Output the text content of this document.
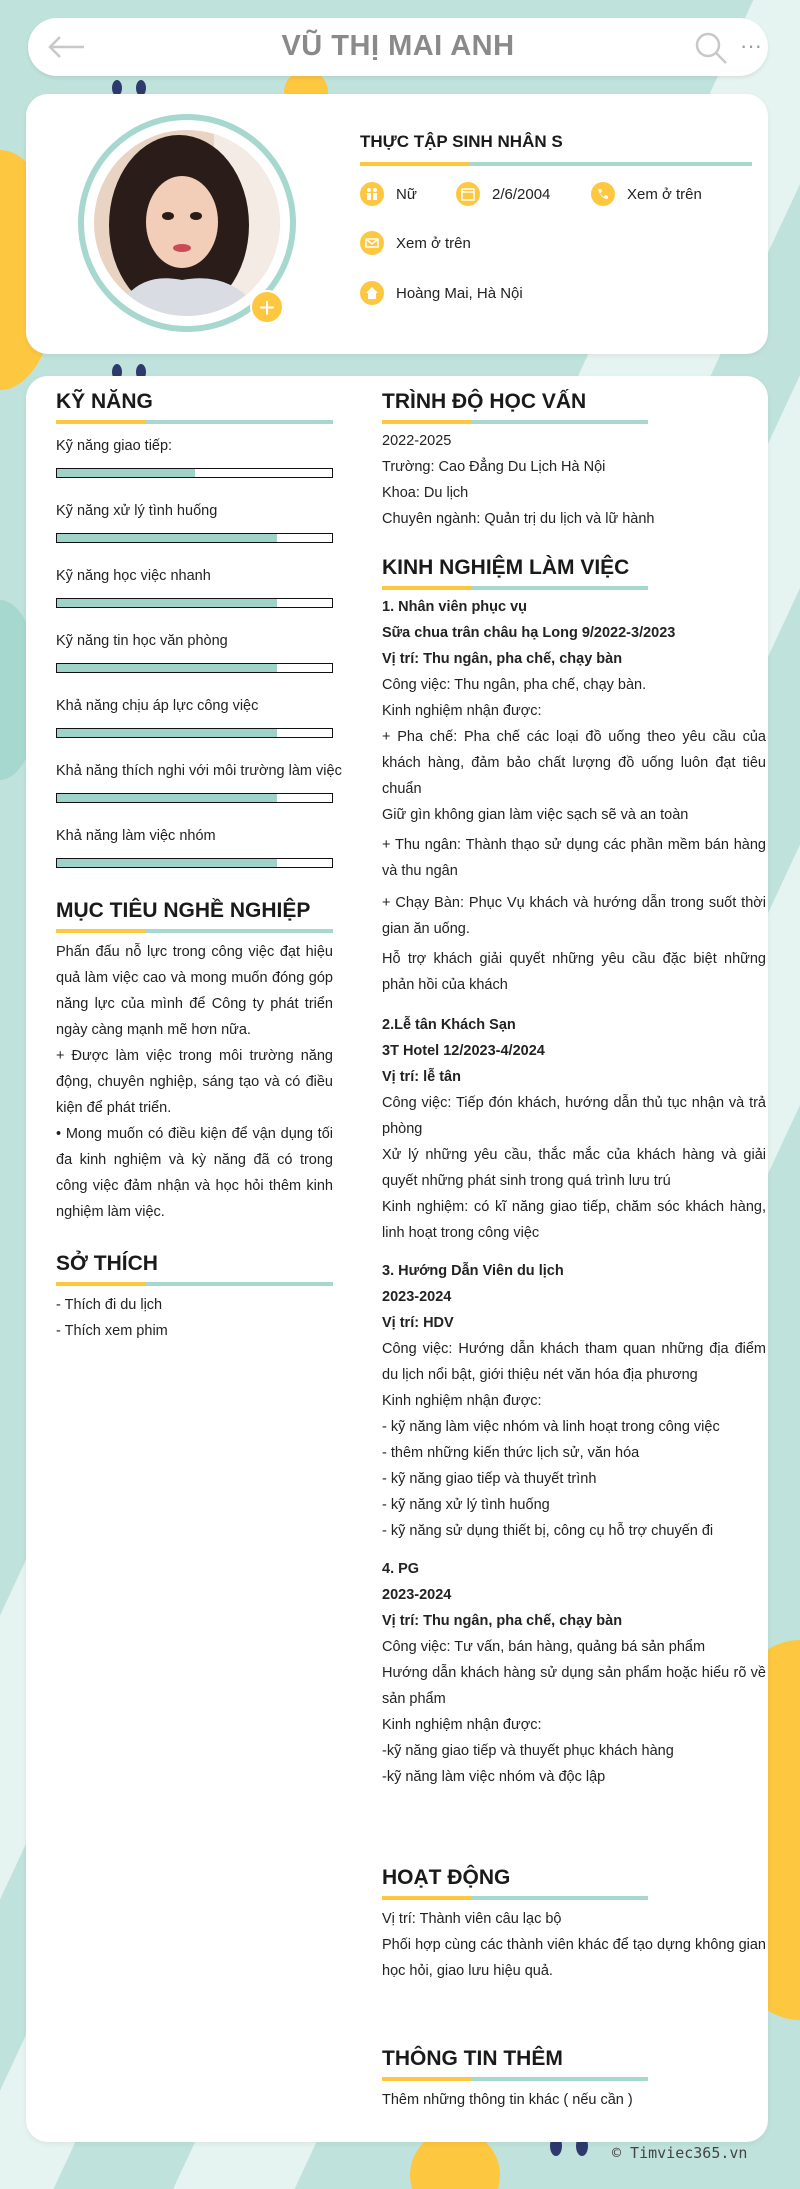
VŨ THỊ MAI ANH	···
+
THỰC TẬP SINH NHÂN S
Nữ	2/6/2004	Xem ở trên
Xem ở trên
Hoàng Mai, Hà Nội
KỸ NĂNG
Kỹ năng giao tiếp:
Kỹ năng xử lý tình huống
Kỹ năng học việc nhanh
Kỹ năng tin học văn phòng
Khả năng chịu áp lực công việc
Khả năng thích nghi với môi trường làm việc
Khả năng làm việc nhóm
MỤC TIÊU NGHỀ NGHIỆP
Phấn đấu nỗ lực trong công việc đạt hiệu quả làm việc cao và mong muốn đóng góp năng lực của mình để Công ty phát triển ngày càng mạnh mẽ hơn nữa.
+ Được làm việc trong môi trường năng động, chuyên nghiệp, sáng tạo và có điều kiện để phát triển.
• Mong muốn có điều kiện để vận dụng tối đa kinh nghiệm và kỳ năng đã có trong công việc đảm nhận và học hỏi thêm kinh nghiệm làm việc.
SỞ THÍCH
- Thích đi du lịch
- Thích xem phim
TRÌNH ĐỘ HỌC VẤN
2022-2025
Trường: Cao Đẳng Du Lịch Hà Nội
Khoa: Du lịch
Chuyên ngành: Quản trị du lịch và lữ hành
KINH NGHIỆM LÀM VIỆC
1. Nhân viên phục vụ
Sữa chua trân châu hạ Long 9/2022-3/2023
Vị trí: Thu ngân, pha chế, chạy bàn
Công việc: Thu ngân, pha chế, chạy bàn.
Kinh nghiệm nhận được:
+ Pha chế: Pha chế các loại đồ uống theo yêu cầu của khách hàng, đảm bảo chất lượng đồ uống luôn đạt tiêu chuẩn
Giữ gìn không gian làm việc sạch sẽ và an toàn
+ Thu ngân: Thành thạo sử dụng các phần mềm bán hàng và thu ngân
+ Chạy Bàn: Phục Vụ khách và hướng dẫn trong suốt thời gian ăn uống.
Hỗ trợ khách giải quyết những yêu cầu đặc biệt những phản hồi của khách
2.Lễ tân Khách Sạn
3T Hotel 12/2023-4/2024
Vị trí: lễ tân
Công việc: Tiếp đón khách, hướng dẫn thủ tục nhận và trả phòng
Xử lý những yêu cầu, thắc mắc của khách hàng và giải quyết những phát sinh trong quá trình lưu trú
Kinh nghiệm: có kĩ năng giao tiếp, chăm sóc khách hàng, linh hoạt trong công việc
3. Hướng Dẫn Viên du lịch
2023-2024
Vị trí: HDV
Công việc: Hướng dẫn khách tham quan những địa điểm du lịch nổi bật, giới thiệu nét văn hóa địa phương
Kinh nghiệm nhận được:
- kỹ năng làm việc nhóm và linh hoạt trong công việc
- thêm những kiến thức lịch sử, văn hóa
- kỹ năng giao tiếp và thuyết trình
- kỹ năng xử lý tình huống
- kỹ năng sử dụng thiết bị, công cụ hỗ trợ chuyến đi
4. PG
2023-2024
Vị trí: Thu ngân, pha chế, chạy bàn
Công việc: Tư vấn, bán hàng, quảng bá sản phẩm
Hướng dẫn khách hàng sử dụng sản phẩm hoặc hiểu rõ về sản phẩm
Kinh nghiệm nhận được:
-kỹ năng giao tiếp và thuyết phục khách hàng
-kỹ năng làm việc nhóm và độc lập
HOẠT ĐỘNG
Vị trí: Thành viên câu lạc bộ
Phối hợp cùng các thành viên khác để tạo dựng không gian học hỏi, giao lưu hiệu quả.
THÔNG TIN THÊM
Thêm những thông tin khác ( nếu cần )
© Timviec365.vn
